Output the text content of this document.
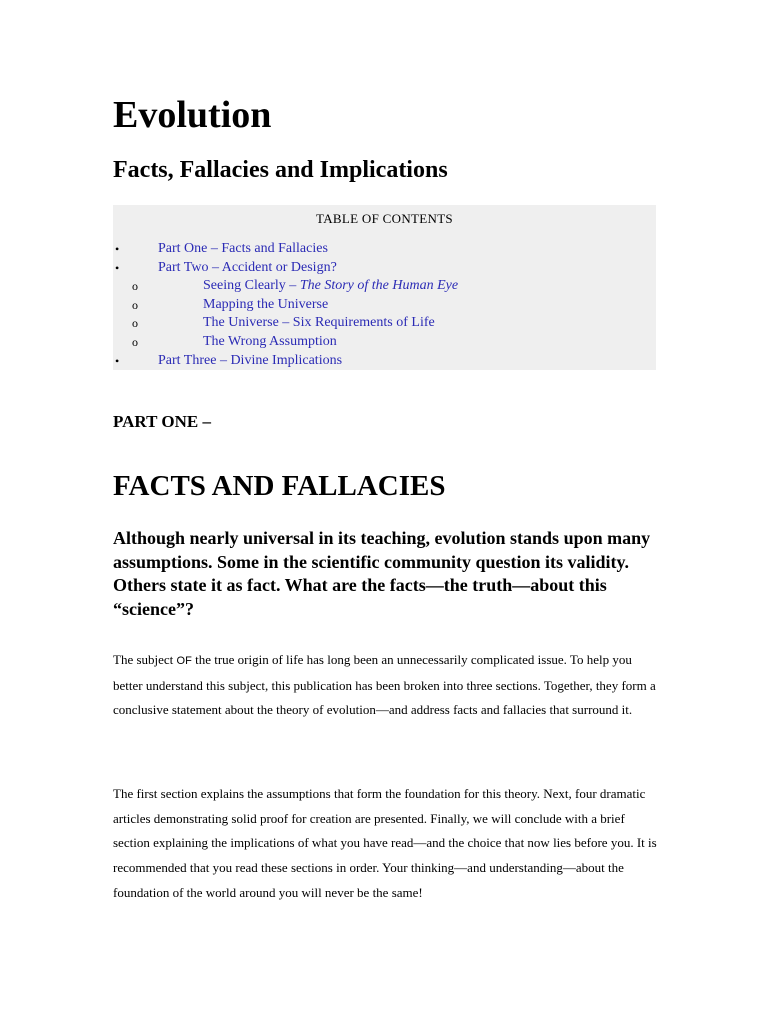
Evolution
Facts, Fallacies and Implications
TABLE OF CONTENTS
•	Part One – Facts and Fallacies
•	Part Two – Accident or Design?
o	Seeing Clearly – The Story of the Human Eye
o	Mapping the Universe
o	The Universe – Six Requirements of Life
o	The Wrong Assumption
•	Part Three – Divine Implications
PART ONE –
FACTS AND FALLACIES

Although nearly universal in its teaching, evolution stands upon many assumptions. Some in the scientific community question its validity. Others state it as fact. What are the facts—the truth—about this “science”?

The subject OF the true origin of life has long been an unnecessarily complicated issue. To help you better understand this subject, this publication has been broken into three sections. Together, they form a conclusive statement about the theory of evolution—and address facts and fallacies that surround it.

The first section explains the assumptions that form the foundation for this theory. Next, four dramatic articles demonstrating solid proof for creation are presented. Finally, we will conclude with a brief section explaining the implications of what you have read—and the choice that now lies before you. It is recommended that you read these sections in order. Your thinking—and understanding—about the foundation of the world around you will never be the same!
